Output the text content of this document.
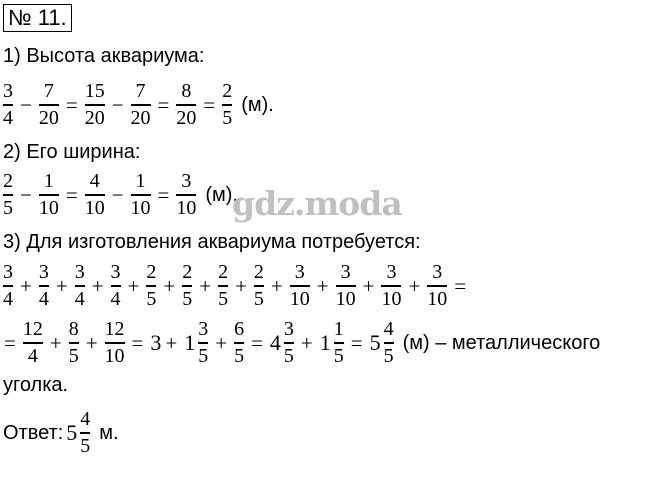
№ 11.
1) Высота аквариума:
$\frac{3}{4} - \frac{7}{20} = \frac{15}{20} - \frac{7}{20} = \frac{8}{20} = \frac{2}{5} (м)$.
2) Его ширина:
$\frac{2}{5} - \frac{1}{10} = \frac{4}{10} - \frac{1}{10} = \frac{3}{10} (м)$.
3) Для изготовления аквариума потребуется:
$\frac{3}{4} + \frac{3}{4} + \frac{3}{4} + \frac{3}{4} + \frac{2}{5} + \frac{2}{5} + \frac{2}{5} + \frac{2}{5} + \frac{3}{10} + \frac{3}{10} + \frac{3}{10} + \frac{3}{10}$ =
= $\frac{12}{4} + \frac{8}{5} + \frac{12}{10} = 3 + 1 \frac{3}{5} + \frac{6}{5} = 4 \frac{3}{5} + 1 \frac{1}{5} = 5 \frac{4}{5} (м)$ – металлического
уголка.
Ответ: $5 \frac{4}{5} м$.
gdz.moda
